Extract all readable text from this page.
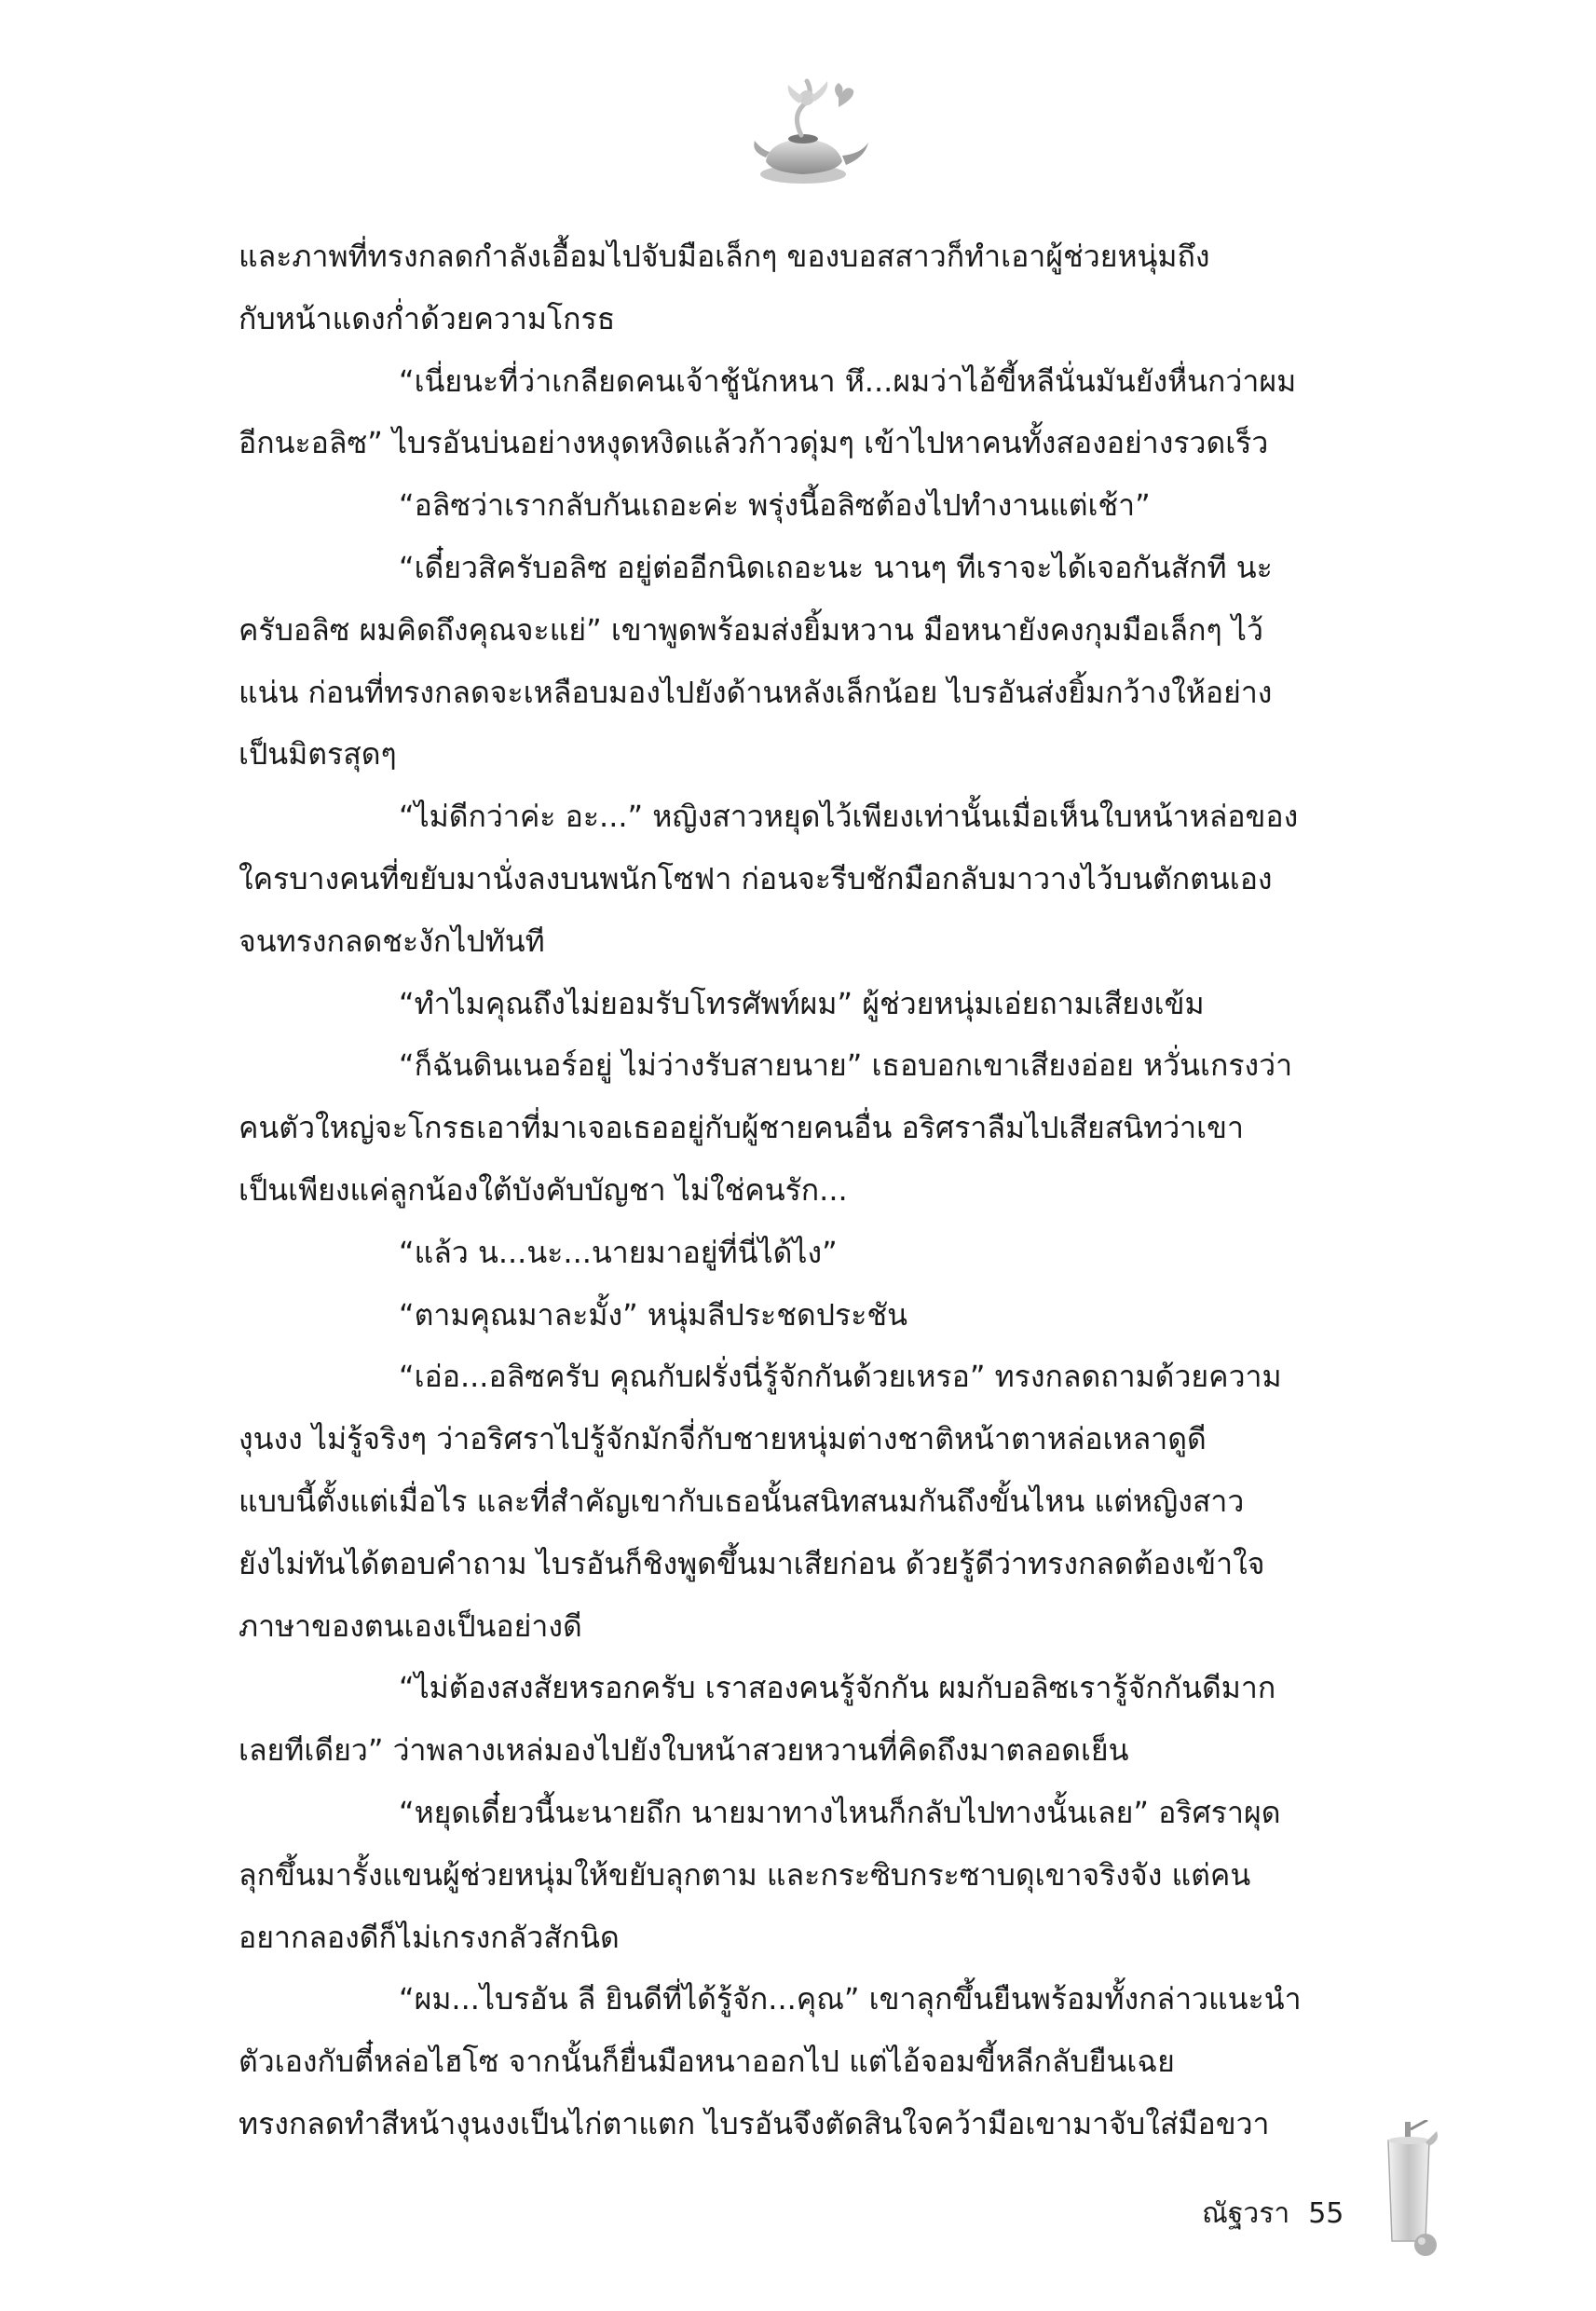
และภาพที่ทรงกลดกำลังเอื้อมไปจับมือเล็กๆ ของบอสสาวก็ทำเอาผู้ช่วยหนุ่มถึง
กับหน้าแดงก่ำด้วยความโกรธ
“เนี่ยนะที่ว่าเกลียดคนเจ้าชู้นักหนา หึ...ผมว่าไอ้ขี้หลีนั่นมันยังหื่นกว่าผม
อีกนะอลิซ” ไบรอันบ่นอย่างหงุดหงิดแล้วก้าวดุ่มๆ เข้าไปหาคนทั้งสองอย่างรวดเร็ว
“อลิซว่าเรากลับกันเถอะค่ะ พรุ่งนี้อลิซต้องไปทำงานแต่เช้า”
“เดี๋ยวสิครับอลิซ อยู่ต่ออีกนิดเถอะนะ นานๆ ทีเราจะได้เจอกันสักที นะ
ครับอลิซ ผมคิดถึงคุณจะแย่” เขาพูดพร้อมส่งยิ้มหวาน มือหนายังคงกุมมือเล็กๆ ไว้
แน่น ก่อนที่ทรงกลดจะเหลือบมองไปยังด้านหลังเล็กน้อย ไบรอันส่งยิ้มกว้างให้อย่าง
เป็นมิตรสุดๆ
“ไม่ดีกว่าค่ะ อะ...” หญิงสาวหยุดไว้เพียงเท่านั้นเมื่อเห็นใบหน้าหล่อของ
ใครบางคนที่ขยับมานั่งลงบนพนักโซฟา ก่อนจะรีบชักมือกลับมาวางไว้บนตักตนเอง
จนทรงกลดชะงักไปทันที
“ทำไมคุณถึงไม่ยอมรับโทรศัพท์ผม” ผู้ช่วยหนุ่มเอ่ยถามเสียงเข้ม
“ก็ฉันดินเนอร์อยู่ ไม่ว่างรับสายนาย” เธอบอกเขาเสียงอ่อย หวั่นเกรงว่า
คนตัวใหญ่จะโกรธเอาที่มาเจอเธออยู่กับผู้ชายคนอื่น อริศราลืมไปเสียสนิทว่าเขา
เป็นเพียงแค่ลูกน้องใต้บังคับบัญชา ไม่ใช่คนรัก...
“แล้ว น...นะ...นายมาอยู่ที่นี่ได้ไง”
“ตามคุณมาละมั้ง” หนุ่มลีประชดประชัน
“เอ่อ...อลิซครับ คุณกับฝรั่งนี่รู้จักกันด้วยเหรอ” ทรงกลดถามด้วยความ
งุนงง ไม่รู้จริงๆ ว่าอริศราไปรู้จักมักจี่กับชายหนุ่มต่างชาติหน้าตาหล่อเหลาดูดี
แบบนี้ตั้งแต่เมื่อไร และที่สำคัญเขากับเธอนั้นสนิทสนมกันถึงขั้นไหน แต่หญิงสาว
ยังไม่ทันได้ตอบคำถาม ไบรอันก็ชิงพูดขึ้นมาเสียก่อน ด้วยรู้ดีว่าทรงกลดต้องเข้าใจ
ภาษาของตนเองเป็นอย่างดี
“ไม่ต้องสงสัยหรอกครับ เราสองคนรู้จักกัน ผมกับอลิซเรารู้จักกันดีมาก
เลยทีเดียว” ว่าพลางเหล่มองไปยังใบหน้าสวยหวานที่คิดถึงมาตลอดเย็น
“หยุดเดี๋ยวนี้นะนายถึก นายมาทางไหนก็กลับไปทางนั้นเลย” อริศราผุด
ลุกขึ้นมารั้งแขนผู้ช่วยหนุ่มให้ขยับลุกตาม และกระซิบกระซาบดุเขาจริงจัง แต่คน
อยากลองดีก็ไม่เกรงกลัวสักนิด
“ผม...ไบรอัน ลี ยินดีที่ได้รู้จัก...คุณ” เขาลุกขึ้นยืนพร้อมทั้งกล่าวแนะนำ
ตัวเองกับตี๋หล่อไฮโซ จากนั้นก็ยื่นมือหนาออกไป แต่ไอ้จอมขี้หลีกลับยืนเฉย
ทรงกลดทำสีหน้างุนงงเป็นไก่ตาแตก ไบรอันจึงตัดสินใจคว้ามือเขามาจับใส่มือขวา
ณัฐวรา 55
